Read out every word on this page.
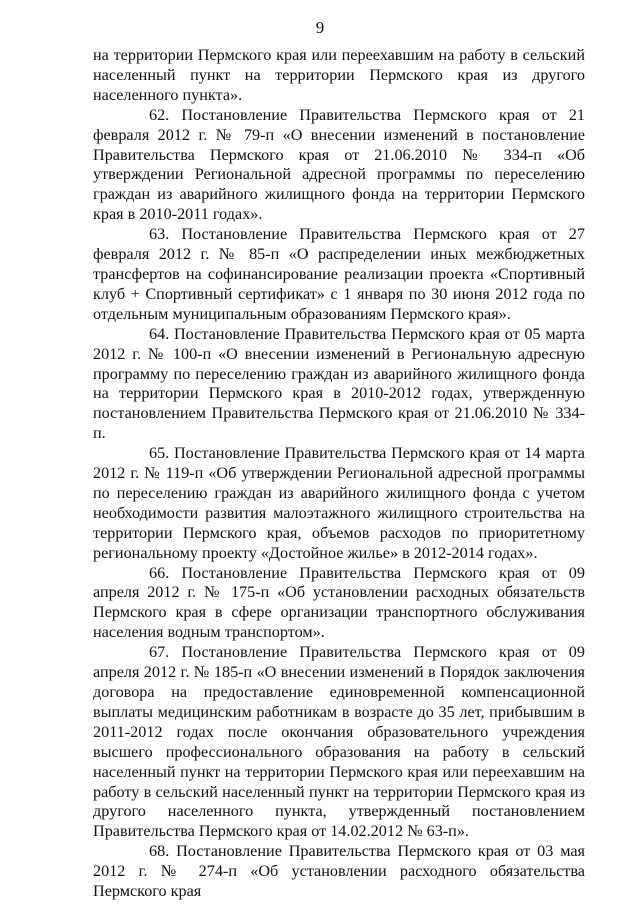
9

на территории Пермского края или переехавшим на работу в сельский населенный пункт на территории Пермского края из другого населенного пункта».

62. Постановление Правительства Пермского края от 21 февраля 2012 г. № 79-п «О внесении изменений в постановление Правительства Пермского края от 21.06.2010 № 334-п «Об утверждении Региональной адресной программы по переселению граждан из аварийного жилищного фонда на территории Пермского края в 2010-2011 годах».

63. Постановление Правительства Пермского края от 27 февраля 2012 г. № 85-п «О распределении иных межбюджетных трансфертов на софинансирование реализации проекта «Спортивный клуб + Спортивный сертификат» с 1 января по 30 июня 2012 года по отдельным муниципальным образованиям Пермского края».

64. Постановление Правительства Пермского края от 05 марта 2012 г. № 100-п «О внесении изменений в Региональную адресную программу по переселению граждан из аварийного жилищного фонда на территории Пермского края в 2010-2012 годах, утвержденную постановлением Правительства Пермского края от 21.06.2010 № 334-п.

65. Постановление Правительства Пермского края от 14 марта 2012 г. № 119-п «Об утверждении Региональной адресной программы по переселению граждан из аварийного жилищного фонда с учетом необходимости развития малоэтажного жилищного строительства на территории Пермского края, объемов расходов по приоритетному региональному проекту «Достойное жилье» в 2012-2014 годах».

66. Постановление Правительства Пермского края от 09 апреля 2012 г. № 175-п «Об установлении расходных обязательств Пермского края в сфере организации транспортного обслуживания населения водным транспортом».

67. Постановление Правительства Пермского края от 09 апреля 2012 г. № 185-п «О внесении изменений в Порядок заключения договора на предоставление единовременной компенсационной выплаты медицинским работникам в возрасте до 35 лет, прибывшим в 2011-2012 годах после окончания образовательного учреждения высшего профессионального образования на работу в сельский населенный пункт на территории Пермского края или переехавшим на работу в сельский населенный пункт на территории Пермского края из другого населенного пункта, утвержденный постановлением Правительства Пермского края от 14.02.2012 № 63-п».

68. Постановление Правительства Пермского края от 03 мая 2012 г. № 274-п «Об установлении расходного обязательства Пермского края
